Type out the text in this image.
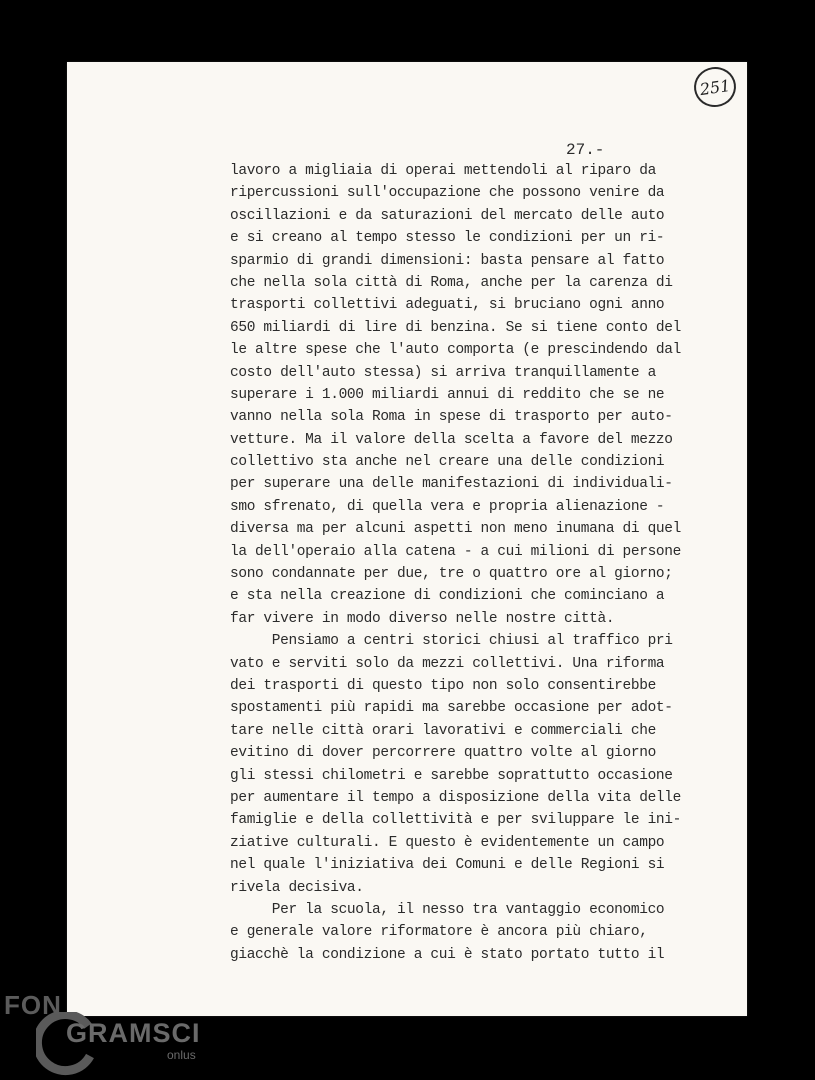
251
27.-
lavoro a migliaia di operai mettendoli al riparo da
ripercussioni sull'occupazione che possono venire da
oscillazioni e da saturazioni del mercato delle auto
e si creano al tempo stesso le condizioni per un ri-
sparmio di grandi dimensioni: basta pensare al fatto
che nella sola città di Roma, anche per la carenza di
trasporti collettivi adeguati, si bruciano ogni anno
650 miliardi di lire di benzina. Se si tiene conto del
le altre spese che l'auto comporta (e prescindendo dal
costo dell'auto stessa) si arriva tranquillamente a
superare i 1.000 miliardi annui di reddito che se ne
vanno nella sola Roma in spese di trasporto per auto-
vetture. Ma il valore della scelta a favore del mezzo
collettivo sta anche nel creare una delle condizioni
per superare una delle manifestazioni di individuali-
smo sfrenato, di quella vera e propria alienazione -
diversa ma per alcuni aspetti non meno inumana di quel
la dell'operaio alla catena - a cui milioni di persone
sono condannate per due, tre o quattro ore al giorno;
e sta nella creazione di condizioni che cominciano a
far vivere in modo diverso nelle nostre città.
Pensiamo a centri storici chiusi al traffico pri
vato e serviti solo da mezzi collettivi. Una riforma
dei trasporti di questo tipo non solo consentirebbe
spostamenti più rapidi ma sarebbe occasione per adot-
tare nelle città orari lavorativi e commerciali che
evitino di dover percorrere quattro volte al giorno
gli stessi chilometri e sarebbe soprattutto occasione
per aumentare il tempo a disposizione della vita delle
famiglie e della collettività e per sviluppare le ini-
ziative culturali. E questo è evidentemente un campo
nel quale l'iniziativa dei Comuni e delle Regioni si
rivela decisiva.
Per la scuola, il nesso tra vantaggio economico
e generale valore riformatore è ancora più chiaro,
giacchè la condizione a cui è stato portato tutto il
FON
GRAMSCI
onlus
